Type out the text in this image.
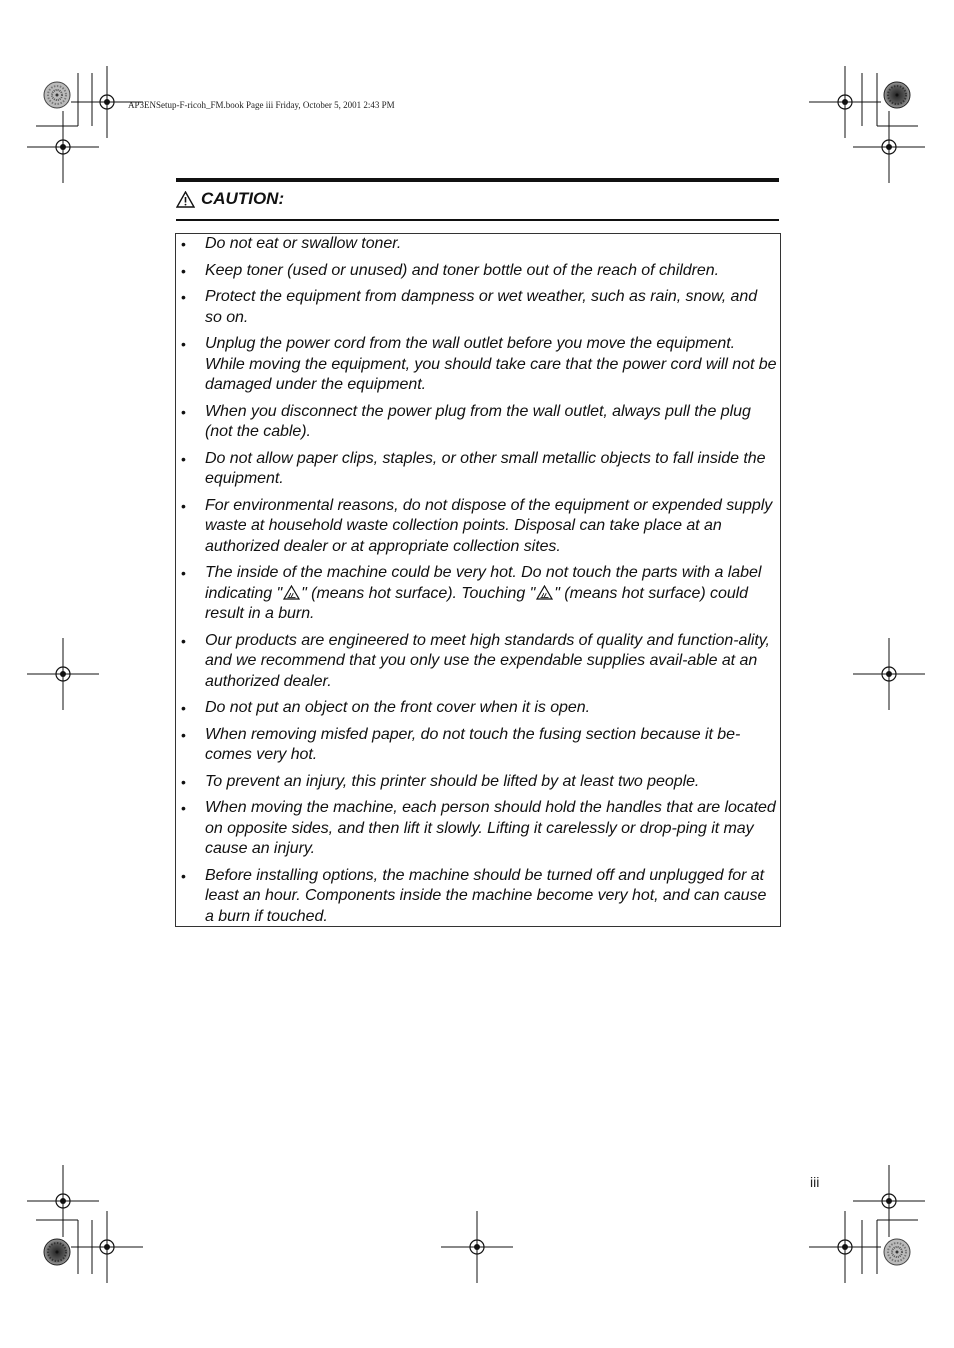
AP3ENSetup-F-ricoh_FM.book Page iii Friday, October 5, 2001 2:43 PM
CAUTION:
• Do not eat or swallow toner.
• Keep toner (used or unused) and toner bottle out of the reach of children.
• Protect the equipment from dampness or wet weather, such as rain, snow, and so on.
• Unplug the power cord from the wall outlet before you move the equipment. While moving the equipment, you should take care that the power cord will not be damaged under the equipment.
• When you disconnect the power plug from the wall outlet, always pull the plug (not the cable).
• Do not allow paper clips, staples, or other small metallic objects to fall inside the equipment.
• For environmental reasons, do not dispose of the equipment or expended supply waste at household waste collection points. Disposal can take place at an authorized dealer or at appropriate collection sites.
• The inside of the machine could be very hot. Do not touch the parts with a label indicating " " (means hot surface). Touching " " (means hot surface) could result in a burn.
• Our products are engineered to meet high standards of quality and function-ality, and we recommend that you only use the expendable supplies avail-able at an authorized dealer.
• Do not put an object on the front cover when it is open.
• When removing misfed paper, do not touch the fusing section because it be-comes very hot.
• To prevent an injury, this printer should be lifted by at least two people.
• When moving the machine, each person should hold the handles that are located on opposite sides, and then lift it slowly. Lifting it carelessly or drop-ping it may cause an injury.
• Before installing options, the machine should be turned off and unplugged for at least an hour. Components inside the machine become very hot, and can cause a burn if touched.
iii
